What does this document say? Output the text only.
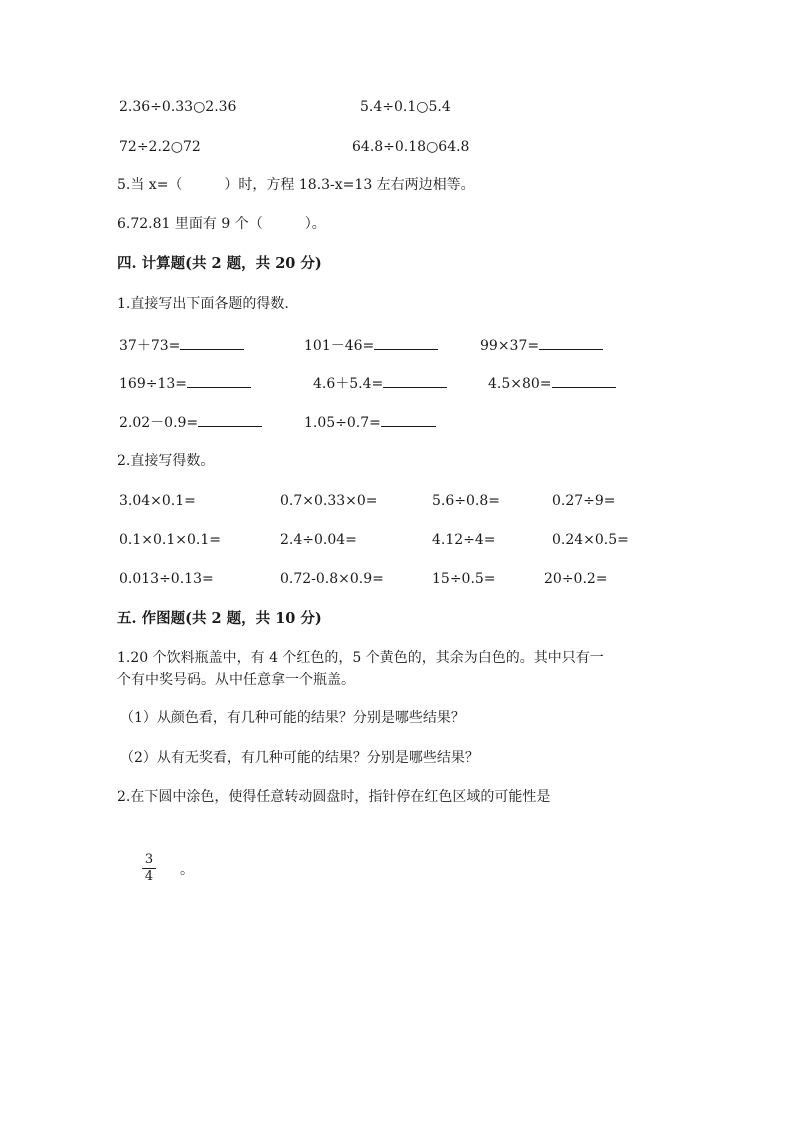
2.36÷0.33○2.36	5.4÷0.1○5.4
72÷2.2○72	64.8÷0.18○64.8
5.当 x=（　　　）时，方程 18.3-x=13 左右两边相等。
6.72.81 里面有 9 个（　　　）。
四. 计算题(共 2 题，共 20 分)
1.直接写出下面各题的得数.
37＋73=	101－46=	99×37=
169÷13=	4.6＋5.4=	4.5×80=
2.02－0.9=	1.05÷0.7=
2.直接写得数。
3.04×0.1=	0.7×0.33×0=	5.6÷0.8=	0.27÷9=
0.1×0.1×0.1=	2.4÷0.04=	4.12÷4=	0.24×0.5=
0.013÷0.13=	0.72-0.8×0.9=	15÷0.5=	20÷0.2=
五. 作图题(共 2 题，共 10 分)
1.20 个饮料瓶盖中，有 4 个红色的，5 个黄色的，其余为白色的。其中只有一
个有中奖号码。从中任意拿一个瓶盖。
（1）从颜色看，有几种可能的结果？分别是哪些结果？
（2）从有无奖看，有几种可能的结果？分别是哪些结果？
2.在下圆中涂色，使得任意转动圆盘时，指针停在红色区域的可能性是
3
4 。
